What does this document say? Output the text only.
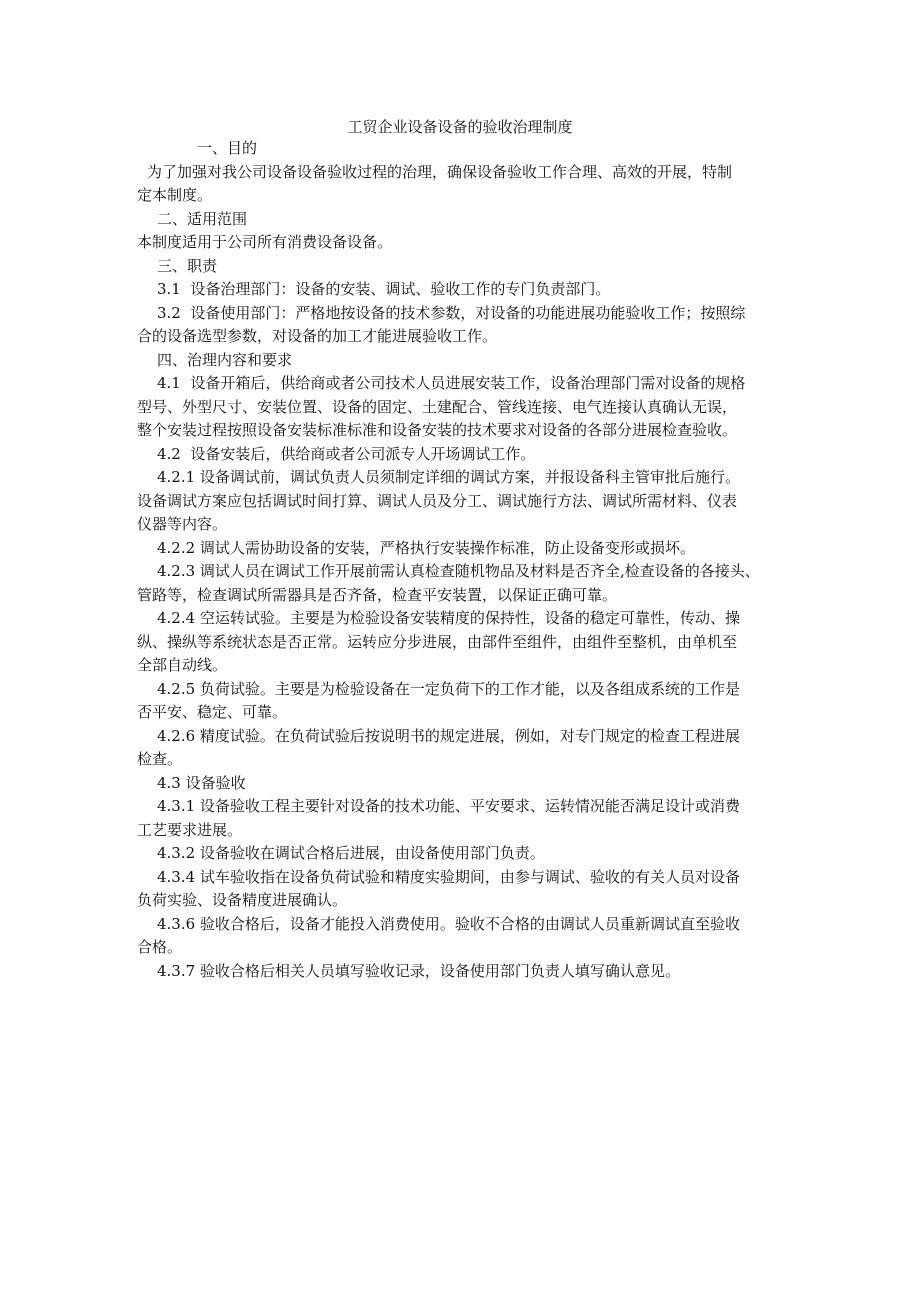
工贸企业设备设备的验收治理制度

一、目的

为了加强对我公司设备设备验收过程的治理，确保设备验收工作合理、高效的开展，特制

定本制度。

二、适用范围

本制度适用于公司所有消费设备设备。

三、职责

3.1  设备治理部门：设备的安装、调试、验收工作的专门负责部门。

3.2  设备使用部门：严格地按设备的技术参数，对设备的功能进展功能验收工作；按照综

合的设备选型参数，对设备的加工才能进展验收工作。

四、治理内容和要求

4.1  设备开箱后，供给商或者公司技术人员进展安装工作，设备治理部门需对设备的规格

型号、外型尺寸、安装位置、设备的固定、土建配合、管线连接、电气连接认真确认无误，

整个安装过程按照设备安装标准标准和设备安装的技术要求对设备的各部分进展检查验收。

4.2  设备安装后，供给商或者公司派专人开场调试工作。

4.2.1 设备调试前，调试负责人员须制定详细的调试方案，并报设备科主管审批后施行。

设备调试方案应包括调试时间打算、调试人员及分工、调试施行方法、调试所需材料、仪表

仪器等内容。

4.2.2 调试人需协助设备的安装，严格执行安装操作标准，防止设备变形或损坏。

4.2.3 调试人员在调试工作开展前需认真检查随机物品及材料是否齐全,检查设备的各接头、

管路等，检查调试所需器具是否齐备，检查平安装置，以保证正确可靠。

4.2.4 空运转试验。主要是为检验设备安装精度的保持性，设备的稳定可靠性，传动、操

纵、操纵等系统状态是否正常。运转应分步进展，由部件至组件，由组件至整机，由单机至

全部自动线。

4.2.5 负荷试验。主要是为检验设备在一定负荷下的工作才能，以及各组成系统的工作是

否平安、稳定、可靠。

4.2.6 精度试验。在负荷试验后按说明书的规定进展，例如，对专门规定的检查工程进展

检查。

4.3 设备验收

4.3.1 设备验收工程主要针对设备的技术功能、平安要求、运转情况能否满足设计或消费

工艺要求进展。

4.3.2 设备验收在调试合格后进展，由设备使用部门负责。

4.3.4 试车验收指在设备负荷试验和精度实验期间，由参与调试、验收的有关人员对设备

负荷实验、设备精度进展确认。

4.3.6 验收合格后，设备才能投入消费使用。验收不合格的由调试人员重新调试直至验收

合格。

4.3.7 验收合格后相关人员填写验收记录，设备使用部门负责人填写确认意见。
